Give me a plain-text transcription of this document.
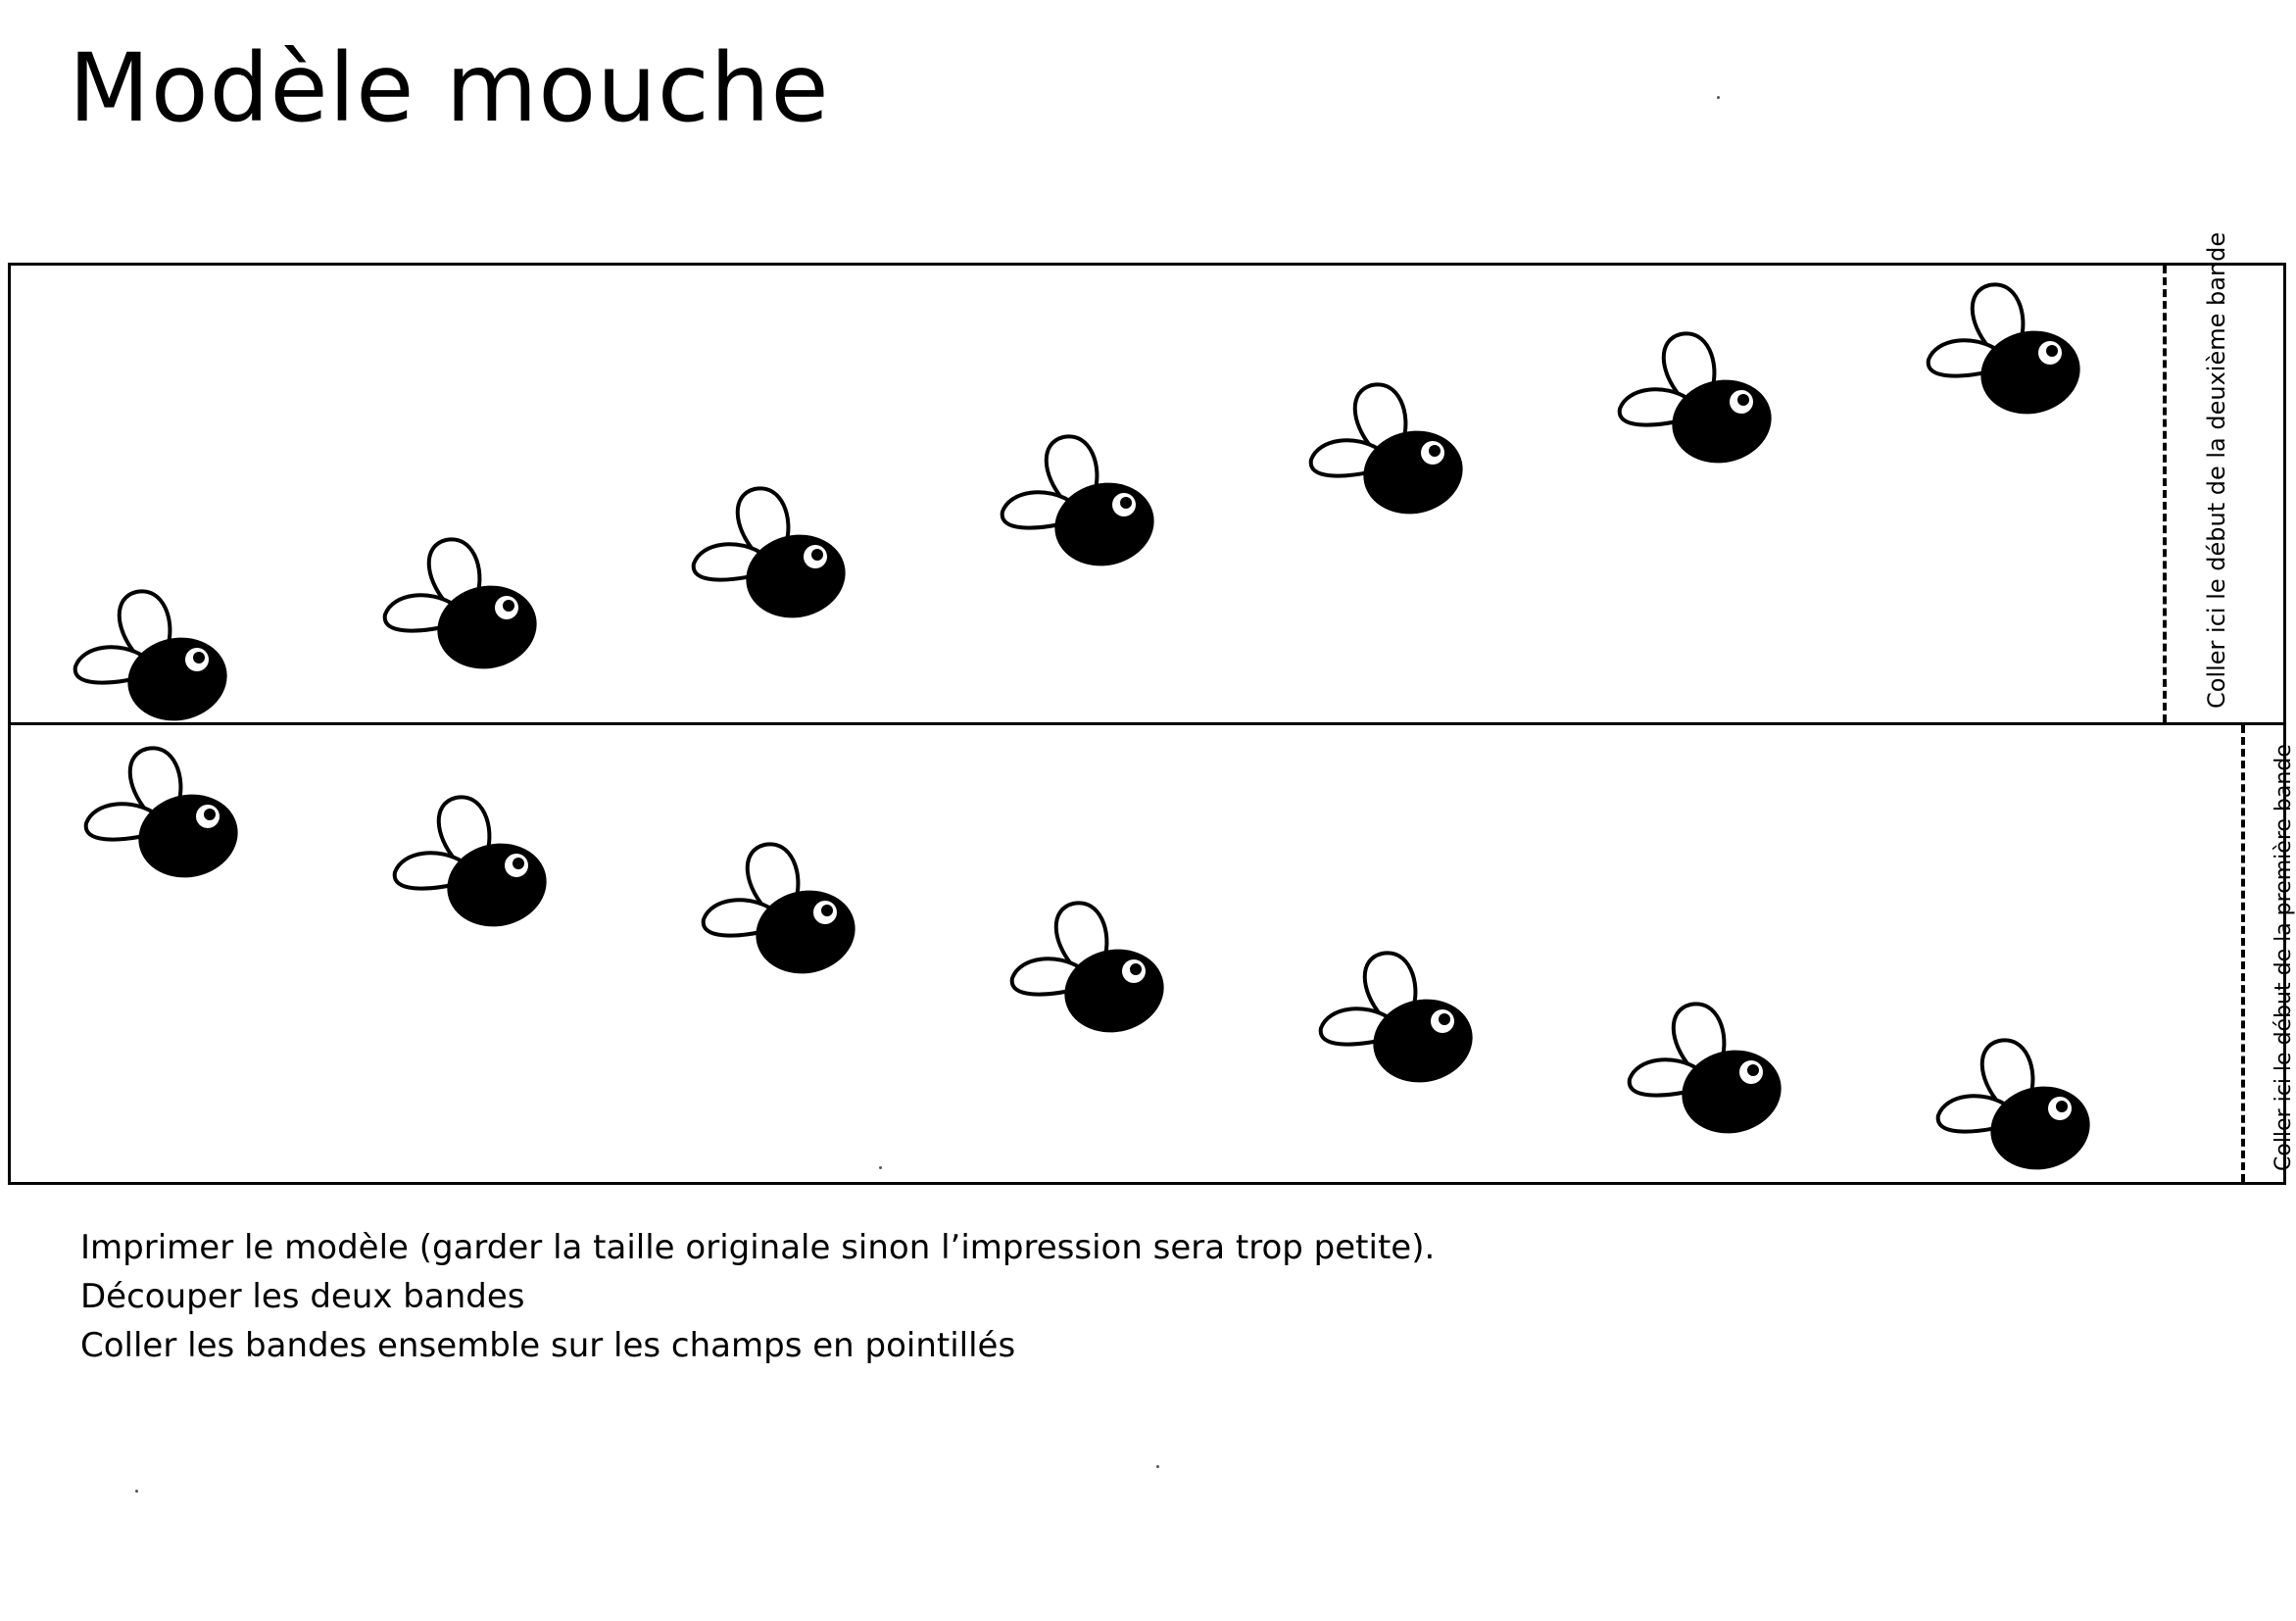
Modèle mouche
Coller ici le début de la deuxième bande
Coller ici le début de la première bande
Imprimer le modèle (garder la taille originale sinon l’impression sera trop petite).
Découper les deux bandes
Coller les bandes ensemble sur les champs en pointillés
